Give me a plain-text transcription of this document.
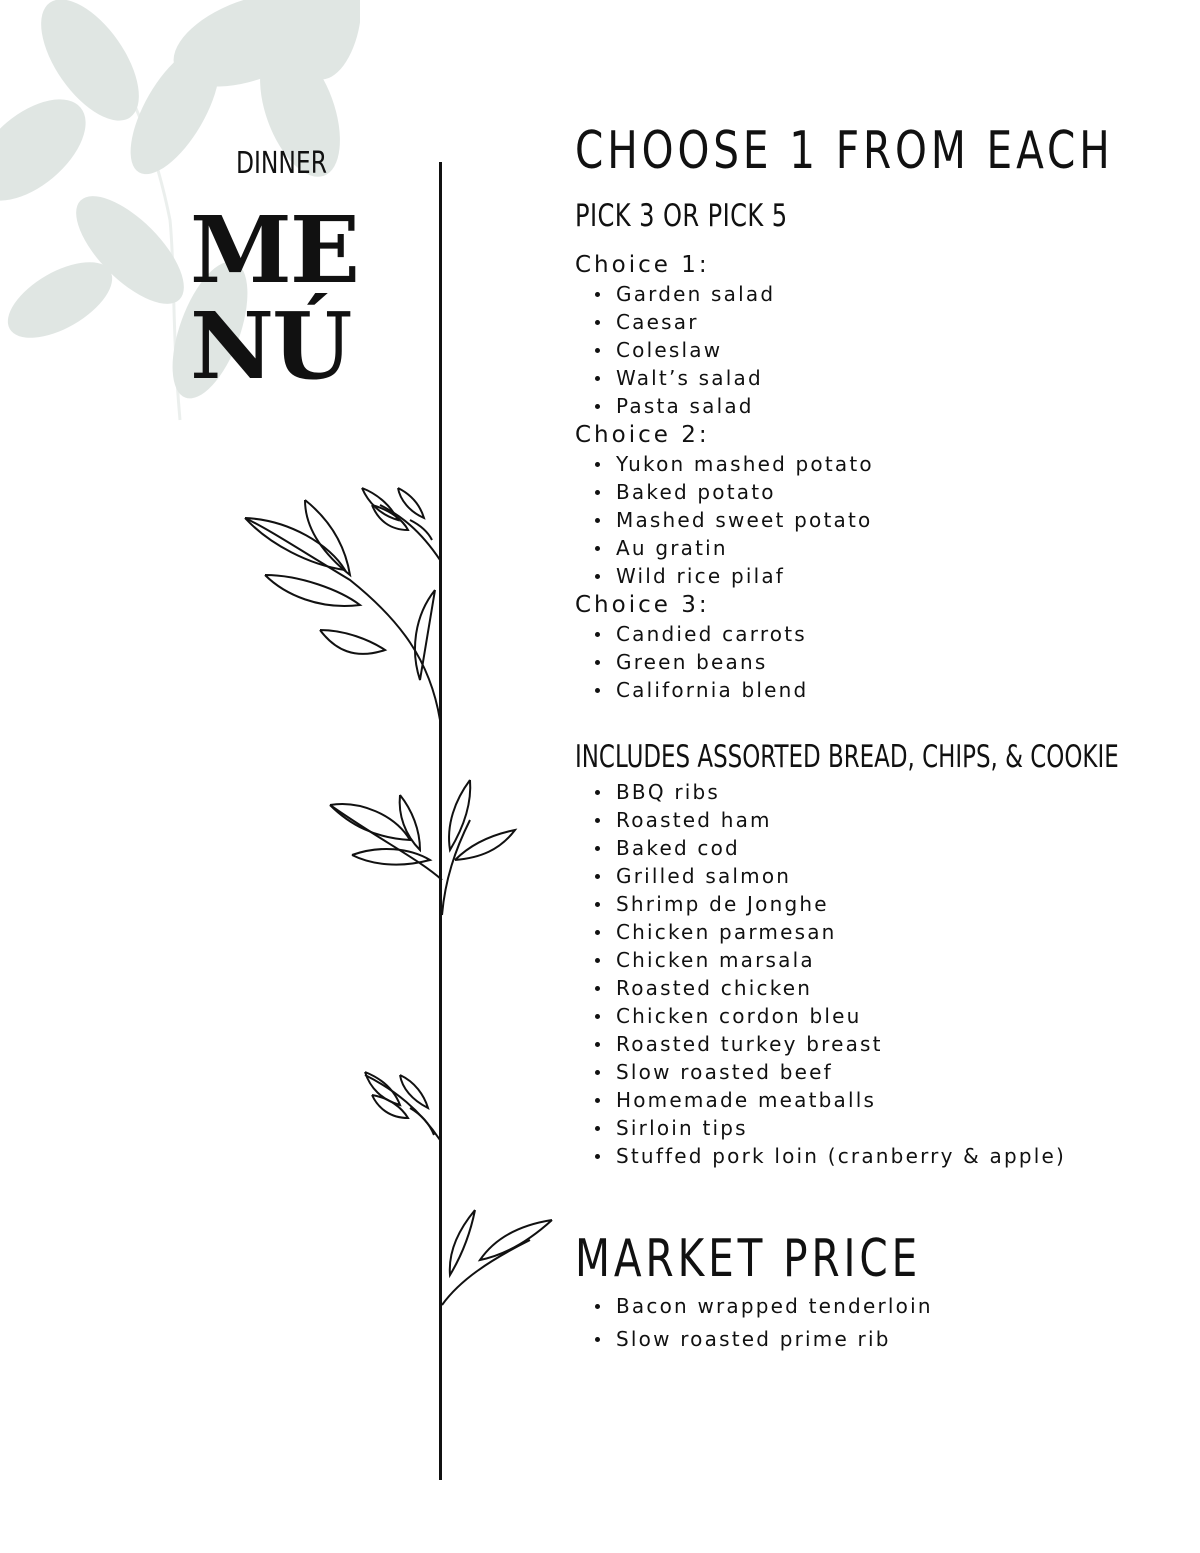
DINNER
ME
NÚ
CHOOSE 1 FROM EACH
PICK 3 OR PICK 5
Choice 1:
Garden salad
Caesar
Coleslaw
Walt’s salad
Pasta salad
Choice 2:
Yukon mashed potato
Baked potato
Mashed sweet potato
Au gratin
Wild rice pilaf
Choice 3:
Candied carrots
Green beans
California blend
INCLUDES ASSORTED BREAD, CHIPS, & COOKIE
BBQ ribs
Roasted ham
Baked cod
Grilled salmon
Shrimp de Jonghe
Chicken parmesan
Chicken marsala
Roasted chicken
Chicken cordon bleu
Roasted turkey breast
Slow roasted beef
Homemade meatballs
Sirloin tips
Stuffed pork loin (cranberry & apple)
MARKET PRICE
Bacon wrapped tenderloin
Slow roasted prime rib
